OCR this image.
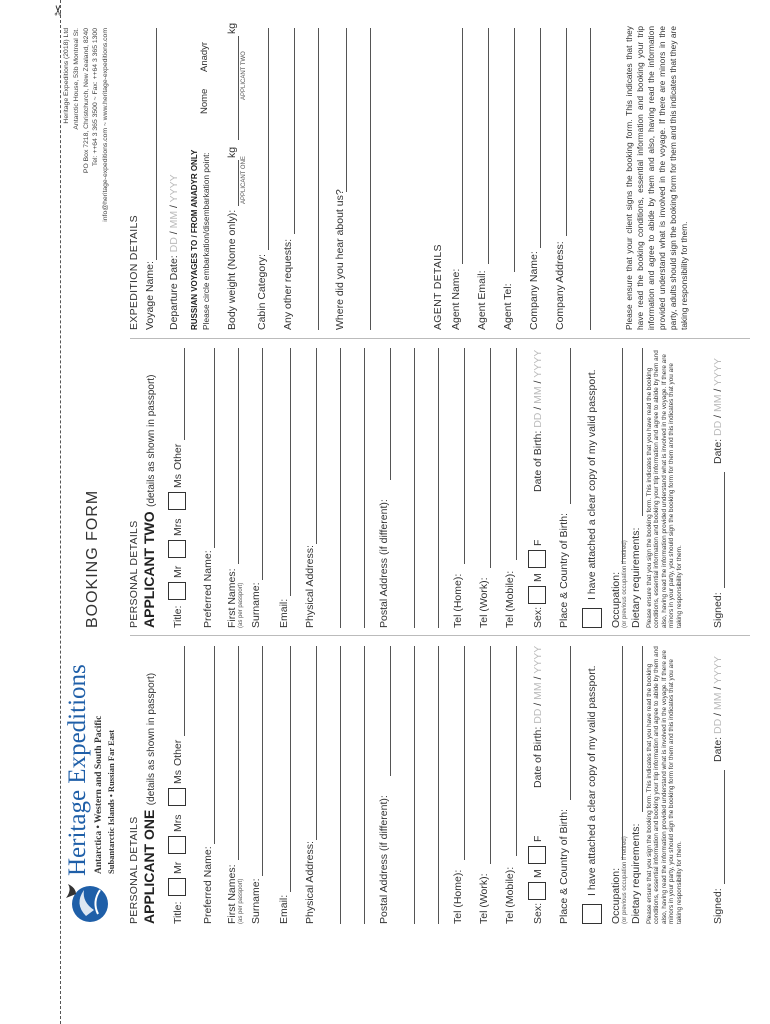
✂
Heritage Expeditions Antarctica • Western and South Pacific Subantarctic Islands • Russian Far East PERSONAL DETAILS APPLICANT ONE (details as shown in passport)
Title:
Mr
Mrs
Ms
Other
Preferred Name: First Names: (as per passport) Surname: Email: Physical Address:	Postal Address (if different):	Tel (Home): Tel (Work): Tel (Mobile): Sex:
M
F
Date of Birth: DD / MM / YYYY
Place & Country of Birth: I have attached a clear copy of my valid passport. Occupation: (or previous occupation if retired) Dietary requirements: Please ensure that you sign the booking form. This indicates that you have read the booking conditions, essential information and booking your trip information and agree to abide by them and also, having read the information provided understand what is involved in the voyage. If there are minors in your party, you should sign the booking form for them and this indicates that you are taking responsibility for them.	Signed:
Date: DD / MM / YYYY
BOOKING FORM	PERSONAL DETAILS APPLICANT TWO (details as shown in passport)
Title:
Mr
Mrs
Ms
Other
Preferred Name: First Names: (as per passport) Surname: Email: Physical Address:	Postal Address (if different):	Tel (Home): Tel (Work): Tel (Mobile): Sex:
M
F
Date of Birth: DD / MM / YYYY
Place & Country of Birth: I have attached a clear copy of my valid passport. Occupation: (or previous occupation if retired) Dietary requirements: Please ensure that you sign the booking form. This indicates that you have read the booking conditions, essential information and booking your trip information and agree to abide by them and also, having read the information provided understand what is involved in the voyage. If there are minors in your party, you should sign the booking form for them and this indicates that you are taking responsibility for them.	Signed:
Date: DD / MM / YYYY
Heritage Expeditions (2018) Ltd Antarctic House, 53b Montreal St. PO Box 7218, Christchurch, New Zealand, 8240 Tel: ++64 3 365 3500 ~ Fax: ++64 3 365 1300 info@heritage-expeditions.com ~ www.heritage-expeditions.com
EXPEDITION DETAILS Voyage Name: Departure Date: DD / MM / YYYY RUSSIAN VOYAGES TO / FROM ANADYR ONLY Please circle embarkation/disembarkation point:
Nome
Anadyr
Body weight (Nome only):
APPLICANT ONE
kg
APPLICANT TWO
kg
Cabin Category: Any other requests:	Where did you hear about us?	AGENT DETAILS Agent Name: Agent Email: Agent Tel: Company Name: Company Address:	Please ensure that your client signs the booking form. This indicates that they have read the booking conditions, essential information and booking your trip information and agree to abide by them and also, having read the information provided understand what is involved in the voyage. If there are minors in the party, adults should sign the booking form for them and this indicates that they are taking responsibility for them.
